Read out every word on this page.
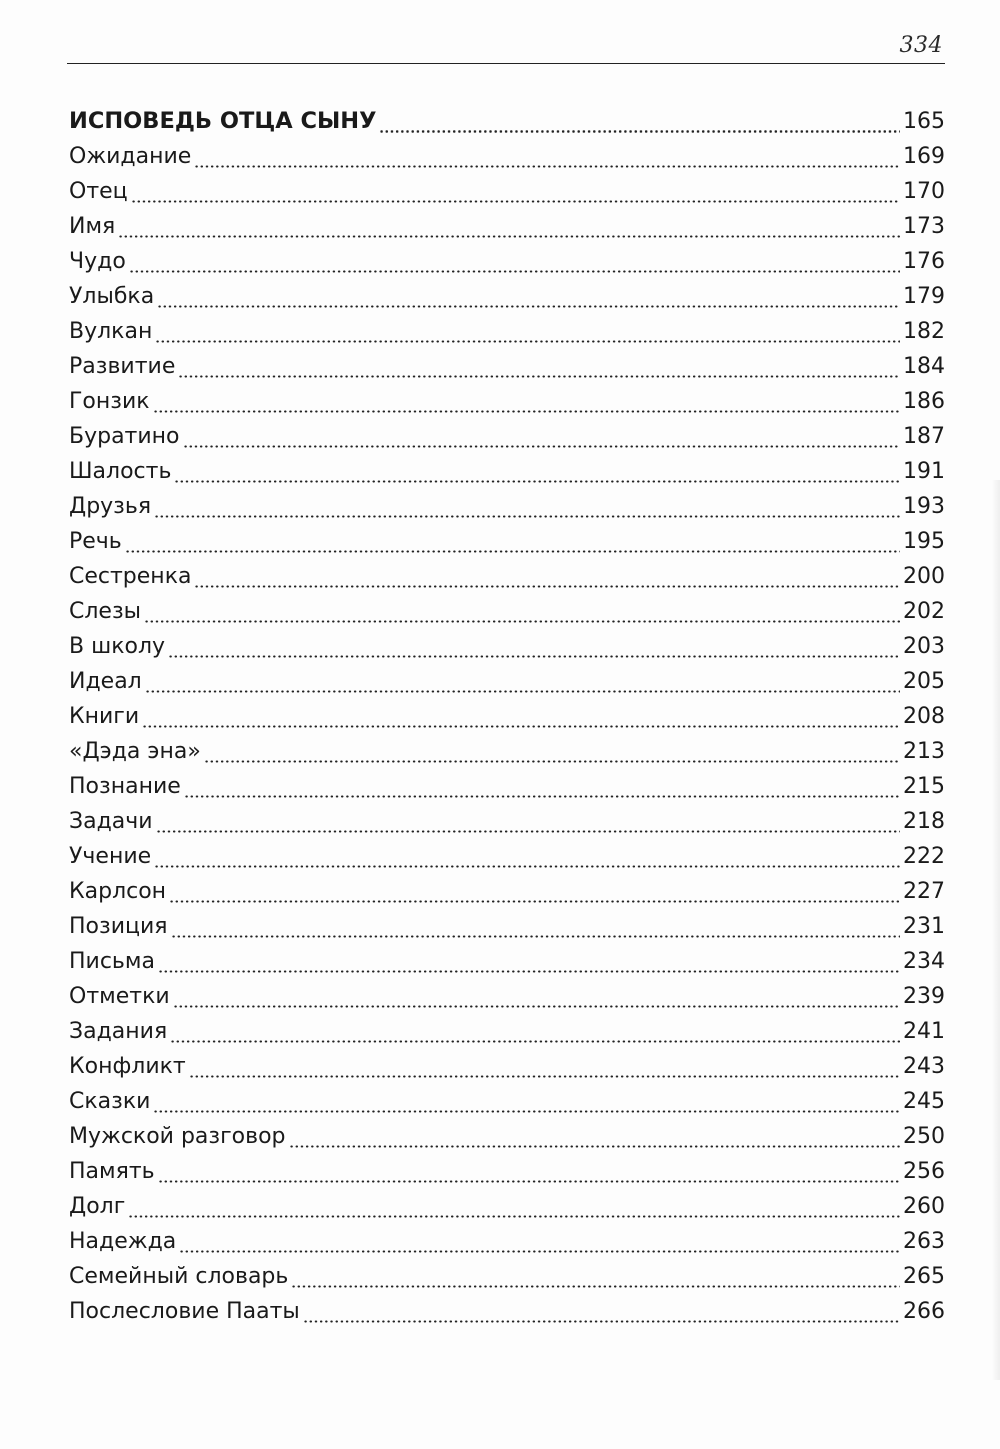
334
ИСПОВЕДЬ ОТЦА СЫНУ	165
Ожидание	169
Отец	170
Имя	173
Чудо	176
Улыбка	179
Вулкан	182
Развитие	184
Гонзик	186
Буратино	187
Шалость	191
Друзья	193
Речь	195
Сестренка	200
Слезы	202
В школу	203
Идеал	205
Книги	208
«Дэда эна»	213
Познание	215
Задачи	218
Учение	222
Карлсон	227
Позиция	231
Письма	234
Отметки	239
Задания	241
Конфликт	243
Сказки	245
Мужской разговор	250
Память	256
Долг	260
Надежда	263
Семейный словарь	265
Послесловие Пааты	266
